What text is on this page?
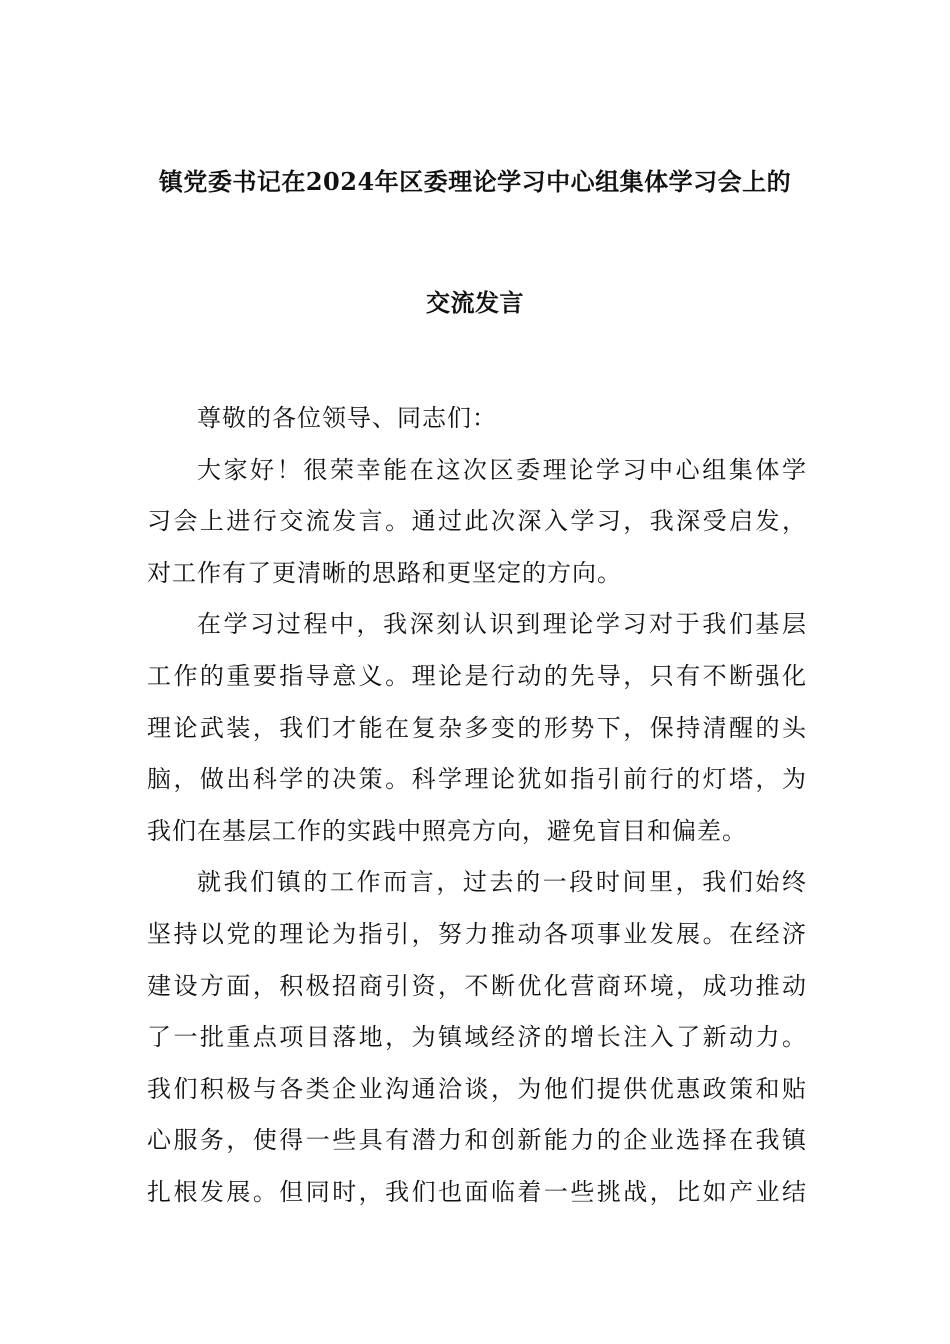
镇党委书记在2024年区委理论学习中心组集体学习会上的
交流发言
尊敬的各位领导、同志们：
大家好！很荣幸能在这次区委理论学习中心组集体学
习会上进行交流发言。通过此次深入学习，我深受启发，
对工作有了更清晰的思路和更坚定的方向。
在学习过程中，我深刻认识到理论学习对于我们基层
工作的重要指导意义。理论是行动的先导，只有不断强化
理论武装，我们才能在复杂多变的形势下，保持清醒的头
脑，做出科学的决策。科学理论犹如指引前行的灯塔，为
我们在基层工作的实践中照亮方向，避免盲目和偏差。
就我们镇的工作而言，过去的一段时间里，我们始终
坚持以党的理论为指引，努力推动各项事业发展。在经济
建设方面，积极招商引资，不断优化营商环境，成功推动
了一批重点项目落地，为镇域经济的增长注入了新动力。
我们积极与各类企业沟通洽谈，为他们提供优惠政策和贴
心服务，使得一些具有潜力和创新能力的企业选择在我镇
扎根发展。但同时，我们也面临着一些挑战，比如产业结
